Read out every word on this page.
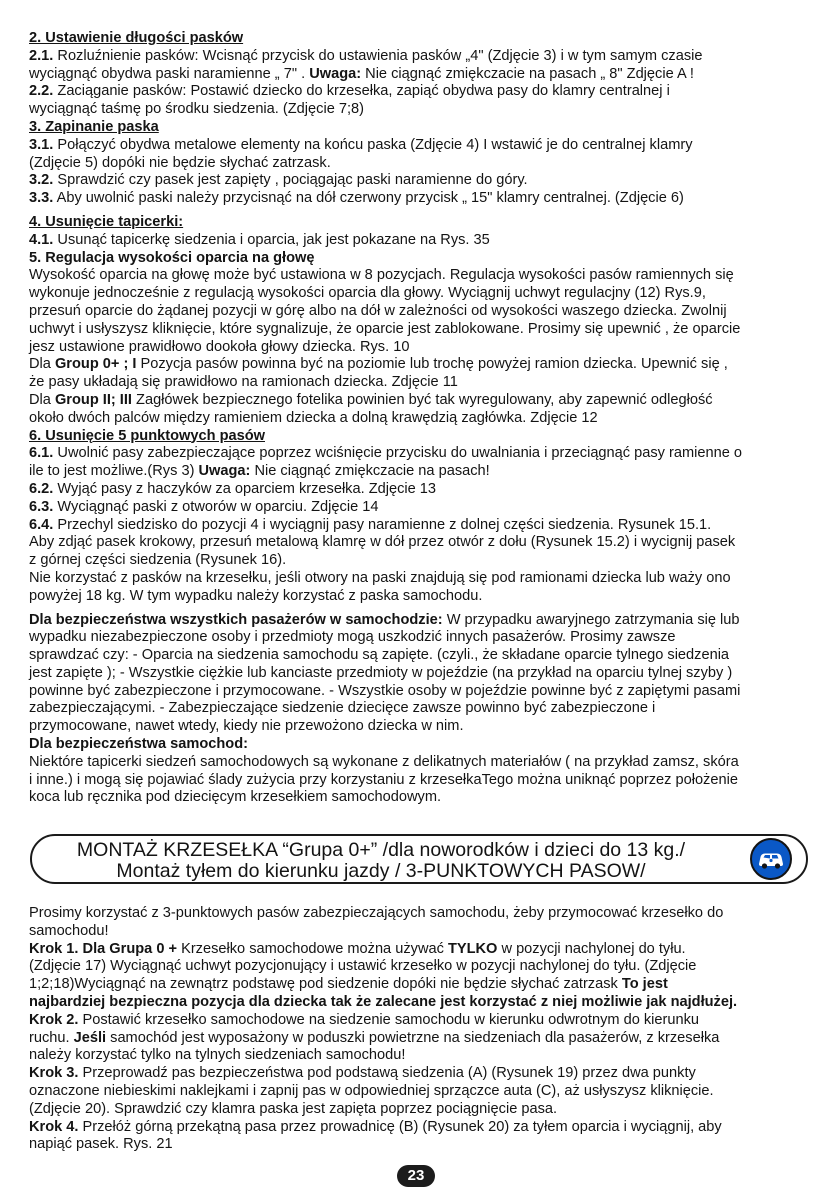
2. Ustawienie długości pasków
2.1. Rozluźnienie pasków: Wcisnąć przycisk do ustawienia pasków „4" (Zdjęcie 3) i w tym samym czasie
wyciągnąć obydwa paski naramienne „ 7" . Uwaga: Nie ciągnąć zmiękczacie na pasach „ 8" Zdjęcie A !
2.2. Zaciąganie pasków: Postawić dziecko do krzesełka, zapiąć obydwa pasy do klamry centralnej i
wyciągnąć taśmę po środku siedzenia. (Zdjęcie 7;8)
3. Zapinanie paska
3.1. Połączyć obydwa metalowe elementy na końcu paska (Zdjęcie 4) I wstawić je do centralnej klamry
(Zdjęcie 5) dopóki nie będzie słychać zatrzask.
3.2. Sprawdzić czy pasek jest zapięty , pociągając paski naramienne do góry.
3.3. Aby uwolnić paski należy przycisnąć na dół czerwony przycisk „ 15" klamry centralnej. (Zdjęcie 6)
4. Usunięcie tapicerki:
4.1. Usunąć tapicerkę siedzenia i oparcia, jak jest pokazane na Rys. 35
5. Regulacja wysokości oparcia na głowę
Wysokość oparcia na głowę może być ustawiona w 8 pozycjach. Regulacja wysokości pasów ramiennych się
wykonuje jednocześnie z regulacją wysokości oparcia dla głowy. Wyciągnij uchwyt regulacjny (12) Rys.9,
przesuń oparcie do żądanej pozycji w górę albo na dół w zależności od wysokości waszego dziecka. Zwolnij
uchwyt i usłyszysz kliknięcie, które sygnalizuje, że oparcie jest zablokowane. Prosimy się upewnić , że oparcie
jesz ustawione prawidłowo dookoła głowy dziecka. Rys. 10
Dla Group 0+ ; I Pozycja pasów powinna być na poziomie lub trochę powyżej ramion dziecka. Upewnić się ,
że pasy układają się prawidłowo na ramionach dziecka. Zdjęcie 11
Dla Group II; III Zagłówek bezpiecznego fotelika powinien być tak wyregulowany, aby zapewnić odległość
około dwóch palców między ramieniem dziecka a dolną krawędzią zagłówka. Zdjęcie 12
6. Usunięcie 5 punktowych pasów
6.1. Uwolnić pasy zabezpieczające poprzez wciśnięcie przycisku do uwalniania i przeciągnąć pasy ramienne o
ile to jest możliwe.(Rys 3) Uwaga: Nie ciągnąć zmiękczacie na pasach!
6.2. Wyjąć pasy z haczyków za oparciem krzesełka. Zdjęcie 13
6.3. Wyciągnąć paski z otworów w oparciu. Zdjęcie 14
6.4. Przechyl siedzisko do pozycji 4 i wyciągnij pasy naramienne z dolnej części siedzenia. Rysunek 15.1.
Aby zdjąć pasek krokowy, przesuń metalową klamrę w dół przez otwór z dołu (Rysunek 15.2) i wycignij pasek
z górnej części siedzenia (Rysunek 16).
Nie korzystać z pasków na krzesełku, jeśli otwory na paski znajdują się pod ramionami dziecka lub waży ono
powyżej 18 kg. W tym wypadku należy korzystać z paska samochodu.
Dla bezpieczeństwa wszystkich pasażerów w samochodzie: W przypadku awaryjnego zatrzymania się lub
wypadku niezabezpieczone osoby i przedmioty mogą uszkodzić innych pasażerów. Prosimy zawsze
sprawdzać czy: - Oparcia na siedzenia samochodu są zapięte. (czyli., że składane oparcie tylnego siedzenia
jest zapięte ); - Wszystkie ciężkie lub kanciaste przedmioty w pojeździe (na przykład na oparciu tylnej szyby )
powinne być zabezpieczone i przymocowane. - Wszystkie osoby w pojeździe powinne być z zapiętymi pasami
zabezpieczającymi. - Zabezpieczające siedzenie dziecięce zawsze powinno być zabezpieczone i
przymocowane, nawet wtedy, kiedy nie przewożono dziecka w nim.
Dla bezpieczeństwa samochod:
Niektóre tapicerki siedzeń samochodowych są wykonane z delikatnych materiałów ( na przykład zamsz, skóra
i inne.) i mogą się pojawiać ślady zużycia przy korzystaniu z krzesełkaTego można uniknąć poprzez położenie
koca lub ręcznika pod dziecięcym krzesełkiem samochodowym.
MONTAŻ KRZESEŁKA “Grupa 0+” /dla noworodków i dzieci do 13 kg./
Montaż tyłem do kierunku jazdy / 3-PUNKTOWYCH PASOW/
Prosimy korzystać z 3-punktowych pasów zabezpieczających samochodu, żeby przymocować krzesełko do
samochodu!
Krok 1. Dla Grupa 0 + Krzesełko samochodowe można używać TYLKO w pozycji nachylonej do tyłu.
(Zdjęcie 17) Wyciągnąć uchwyt pozycjonujący i ustawić krzesełko w pozycji nachylonej do tyłu. (Zdjęcie
1;2;18)Wyciągnąć na zewnątrz podstawę pod siedzenie dopóki nie będzie słychać zatrzask To jest
najbardziej bezpieczna pozycja dla dziecka tak że zalecane jest korzystać z niej możliwie jak najdłużej.
Krok 2. Postawić krzesełko samochodowe na siedzenie samochodu w kierunku odwrotnym do kierunku
ruchu. Jeśli samochód jest wyposażony w poduszki powietrzne na siedzeniach dla pasażerów, z krzesełka
należy korzystać tylko na tylnych siedzeniach samochodu!
Krok 3. Przeprowadź pas bezpieczeństwa pod podstawą siedzenia (A) (Rysunek 19) przez dwa punkty
oznaczone niebieskimi naklejkami i zapnij pas w odpowiedniej sprzączce auta (C), aż usłyszysz kliknięcie.
(Zdjęcie 20). Sprawdzić czy klamra paska jest zapięta poprzez pociągnięcie pasa.
Krok 4. Przełóż górną przekątną pasa przez prowadnicę (B) (Rysunek 20) za tyłem oparcia i wyciągnij, aby
napiąć pasek. Rys. 21
23
